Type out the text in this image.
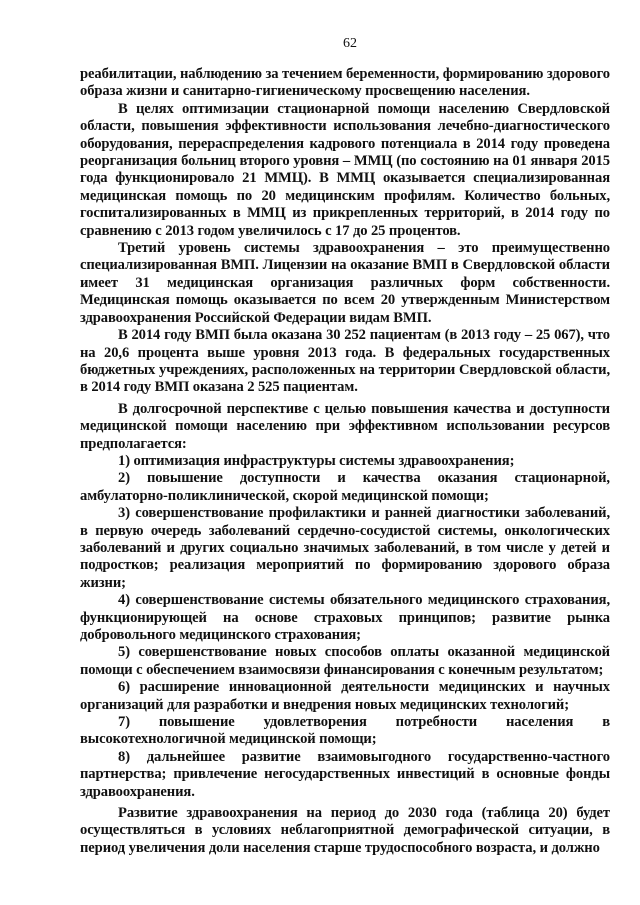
62

реабилитации, наблюдению за течением беременности, формированию здорового образа жизни и санитарно-гигиеническому просвещению населения.

В целях оптимизации стационарной помощи населению Свердловской области, повышения эффективности использования лечебно-диагностического оборудования, перераспределения кадрового потенциала в 2014 году проведена реорганизация больниц второго уровня – ММЦ (по состоянию на 01 января 2015 года функционировало 21 ММЦ). В ММЦ оказывается специализированная медицинская помощь по 20 медицинским профилям. Количество больных, госпитализированных в ММЦ из прикрепленных территорий, в 2014 году по сравнению с 2013 годом увеличилось с 17 до 25 процентов.

Третий уровень системы здравоохранения – это преимущественно специализированная ВМП. Лицензии на оказание ВМП в Свердловской области имеет 31 медицинская организация различных форм собственности. Медицинская помощь оказывается по всем 20 утвержденным Министерством здравоохранения Российской Федерации видам ВМП.

В 2014 году ВМП была оказана 30 252 пациентам (в 2013 году – 25 067), что на 20,6 процента выше уровня 2013 года. В федеральных государственных бюджетных учреждениях, расположенных на территории Свердловской области, в 2014 году ВМП оказана 2 525 пациентам.

В долгосрочной перспективе с целью повышения качества и доступности медицинской помощи населению при эффективном использовании ресурсов предполагается:

1) оптимизация инфраструктуры системы здравоохранения;

2) повышение доступности и качества оказания стационарной, амбулаторно-поликлинической, скорой медицинской помощи;

3) совершенствование профилактики и ранней диагностики заболеваний, в первую очередь заболеваний сердечно-сосудистой системы, онкологических заболеваний и других социально значимых заболеваний, в том числе у детей и подростков; реализация мероприятий по формированию здорового образа жизни;

4) совершенствование системы обязательного медицинского страхования, функционирующей на основе страховых принципов; развитие рынка добровольного медицинского страхования;

5) совершенствование новых способов оплаты оказанной медицинской помощи с обеспечением взаимосвязи финансирования с конечным результатом;

6) расширение инновационной деятельности медицинских и научных организаций для разработки и внедрения новых медицинских технологий;

7) повышение удовлетворения потребности населения в высокотехнологичной медицинской помощи;

8) дальнейшее развитие взаимовыгодного государственно-частного партнерства; привлечение негосударственных инвестиций в основные фонды здравоохранения.

Развитие здравоохранения на период до 2030 года (таблица 20) будет осуществляться в условиях неблагоприятной демографической ситуации, в период увеличения доли населения старше трудоспособного возраста, и должно
